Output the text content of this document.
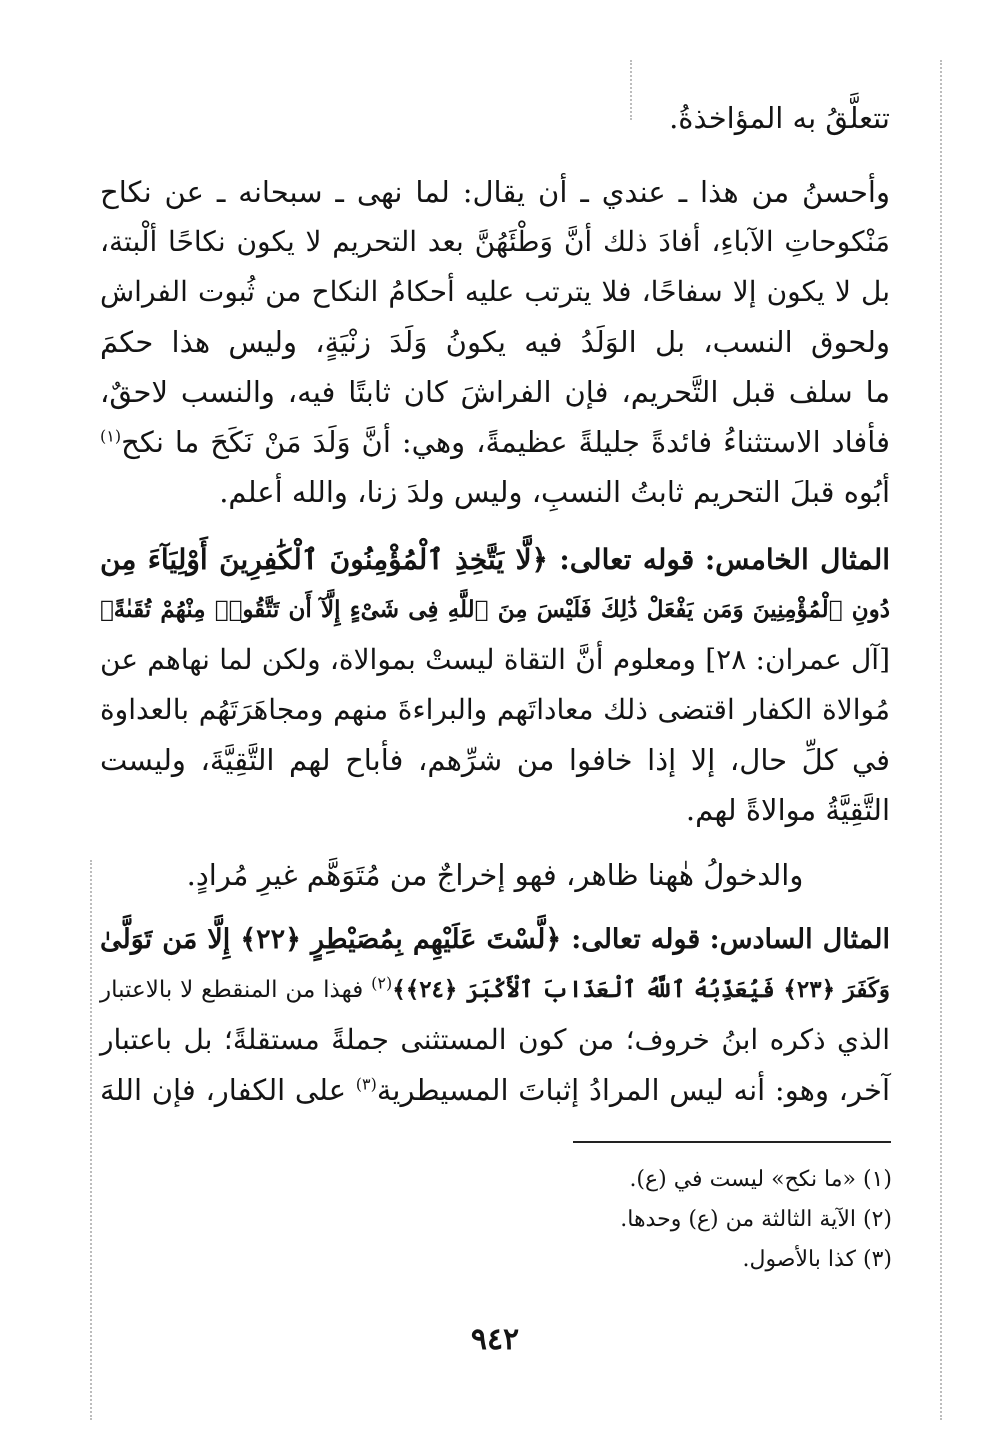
تتعلَّقُ به المؤاخذةُ.
وأحسنُ من هذا ـ عندي ـ أن يقال: لما نهى ـ سبحانه ـ عن نكاح
مَنْكوحاتِ الآباءِ، أفادَ ذلك أنَّ وَطْئَهُنَّ بعد التحريم لا يكون نكاحًا ألْبتة،
بل لا يكون إلا سفاحًا، فلا يترتب عليه أحكامُ النكاح من ثُبوت الفراش
ولحوق النسب، بل الوَلَدُ فيه يكونُ وَلَدَ زنْيَةٍ، وليس هذا حكمَ
ما سلف قبل التَّحريم، فإن الفراشَ كان ثابتًا فيه، والنسب لاحقٌ،
فأفاد الاستثناءُ فائدةً جليلةً عظيمةً، وهي: أنَّ وَلَدَ مَنْ نَكَحَ ما نكح$^{(١)}$
أبُوه قبلَ التحريم ثابتُ النسبِ، وليس ولدَ زنا، والله أعلم.
المثال الخامس: قوله تعالى: ﴿لَّا يَتَّخِذِ ٱلْمُؤْمِنُونَ ٱلْكَٰفِرِينَ أَوْلِيَآءَ مِن
دُونِ ٱلْمُؤْمِنِينَ وَمَن يَفْعَلْ ذَٰلِكَ فَلَيْسَ مِنَ ٱللَّهِ فِى شَىْءٍ إِلَّآ أَن تَتَّقُوا۟ مِنْهُمْ تُقَىٰةً﴾
[آل عمران: ٢٨] ومعلوم أنَّ التقاة ليستْ بموالاة، ولكن لما نهاهم عن
مُوالاة الكفار اقتضى ذلك معاداتَهم والبراءةَ منهم ومجاهَرَتَهُم بالعداوة
في كلِّ حال، إلا إذا خافوا من شرِّهم، فأباح لهم التَّقِيَّةَ، وليست
التَّقِيَّةُ موالاةً لهم.
والدخولُ هٰهنا ظاهر، فهو إخراجٌ من مُتَوَهَّم غيرِ مُرادٍ.
المثال السادس: قوله تعالى: ﴿لَّسْتَ عَلَيْهِم بِمُصَيْطِرٍ ﴿٢٢﴾ إِلَّا مَن تَوَلَّىٰ
وَكَفَرَ ﴿٢٣﴾ فَيُعَذِّبُهُ ٱللَّهُ ٱلْعَذَابَ ٱلْأَكْبَرَ ﴿٢٤﴾﴾$^{(٢)}$ فهذا من المنقطع لا بالاعتبار
الذي ذكره ابنُ خروف؛ من كون المستثنى جملةً مستقلةً؛ بل باعتبار
آخر، وهو: أنه ليس المرادُ إثباتَ المسيطرية$^{(٣)}$ على الكفار، فإن اللهَ
(١) «ما نكح» ليست في (ع).
(٢) الآية الثالثة من (ع) وحدها.
(٣) كذا بالأصول.
٩٤٢
